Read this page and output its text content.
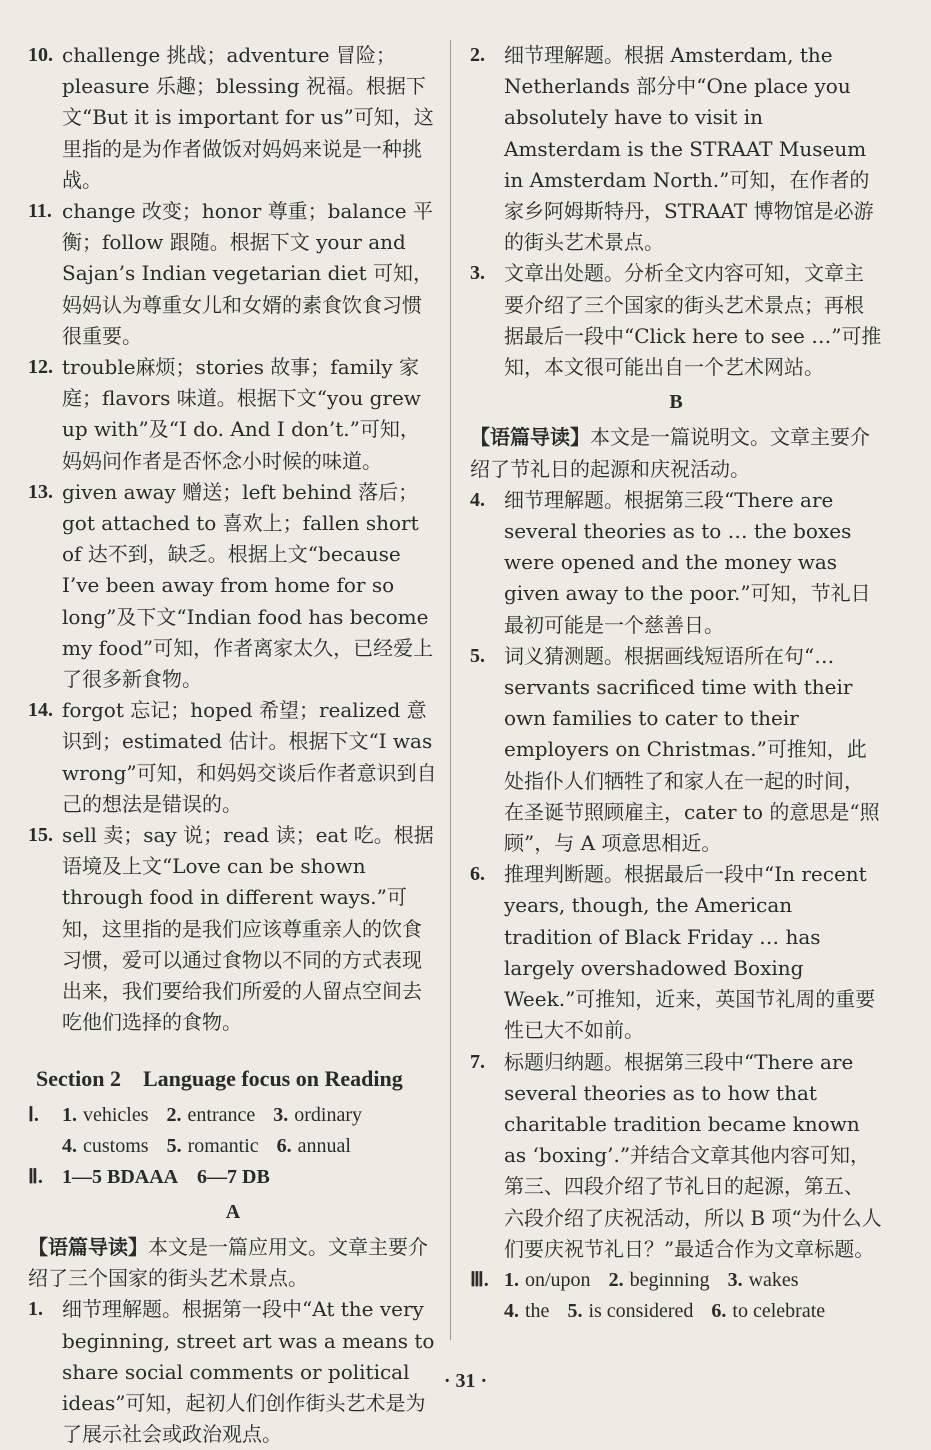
10. challenge 挑战；adventure 冒险；pleasure 乐趣；blessing 祝福。根据下文“But it is important for us”可知，这里指的是为作者做饭对妈妈来说是一种挑战。
11. change 改变；honor 尊重；balance 平衡；follow 跟随。根据下文 your and Sajan’s Indian vegetarian diet 可知，妈妈认为尊重女儿和女婿的素食饮食习惯很重要。
12. trouble麻烦；stories 故事；family 家庭；flavors 味道。根据下文“you grew up with”及“I do. And I don’t.”可知，妈妈问作者是否怀念小时候的味道。
13. given away 赠送；left behind 落后；got attached to 喜欢上；fallen short of 达不到，缺乏。根据上文“because I’ve been away from home for so long”及下文“Indian food has become my food”可知，作者离家太久，已经爱上了很多新食物。
14. forgot 忘记；hoped 希望；realized 意识到；estimated 估计。根据下文“I was wrong”可知，和妈妈交谈后作者意识到自己的想法是错误的。
15. sell 卖；say 说；read 读；eat 吃。根据语境及上文“Love can be shown through food in different ways.”可知，这里指的是我们应该尊重亲人的饮食习惯，爱可以通过食物以不同的方式表现出来，我们要给我们所爱的人留点空间去吃他们选择的食物。
Section 2　Language focus on Reading
Ⅰ. 1. vehicles 2. entrance 3. ordinary
4. customs 5. romantic 6. annual
Ⅱ. 1—5 BDAAA　6—7 DB
A

【语篇导读】本文是一篇应用文。文章主要介绍了三个国家的街头艺术景点。

1. 细节理解题。根据第一段中“At the very beginning, street art was a means to share social comments or political ideas”可知，起初人们创作街头艺术是为了展示社会或政治观点。
2. 细节理解题。根据 Amsterdam, the Netherlands 部分中“One place you absolutely have to visit in Amsterdam is the STRAAT Museum in Amsterdam North.”可知，在作者的家乡阿姆斯特丹，STRAAT 博物馆是必游的街头艺术景点。
3. 文章出处题。分析全文内容可知，文章主要介绍了三个国家的街头艺术景点；再根据最后一段中“Click here to see …”可推知，本文很可能出自一个艺术网站。
B

【语篇导读】本文是一篇说明文。文章主要介绍了节礼日的起源和庆祝活动。

4. 细节理解题。根据第三段“There are several theories as to … the boxes were opened and the money was given away to the poor.”可知，节礼日最初可能是一个慈善日。
5. 词义猜测题。根据画线短语所在句“… servants sacrificed time with their own families to cater to their employers on Christmas.”可推知，此处指仆人们牺牲了和家人在一起的时间，在圣诞节照顾雇主，cater to 的意思是“照顾”，与 A 项意思相近。
6. 推理判断题。根据最后一段中“In recent years, though, the American tradition of Black Friday … has largely overshadowed Boxing Week.”可推知，近来，英国节礼周的重要性已大不如前。
7. 标题归纳题。根据第三段中“There are several theories as to how that charitable tradition became known as ‘boxing’.”并结合文章其他内容可知，第三、四段介绍了节礼日的起源，第五、六段介绍了庆祝活动，所以 B 项“为什么人们要庆祝节礼日？”最适合作为文章标题。
Ⅲ. 1. on/upon 2. beginning 3. wakes
4. the 5. is considered 6. to celebrate
· 31 ·
